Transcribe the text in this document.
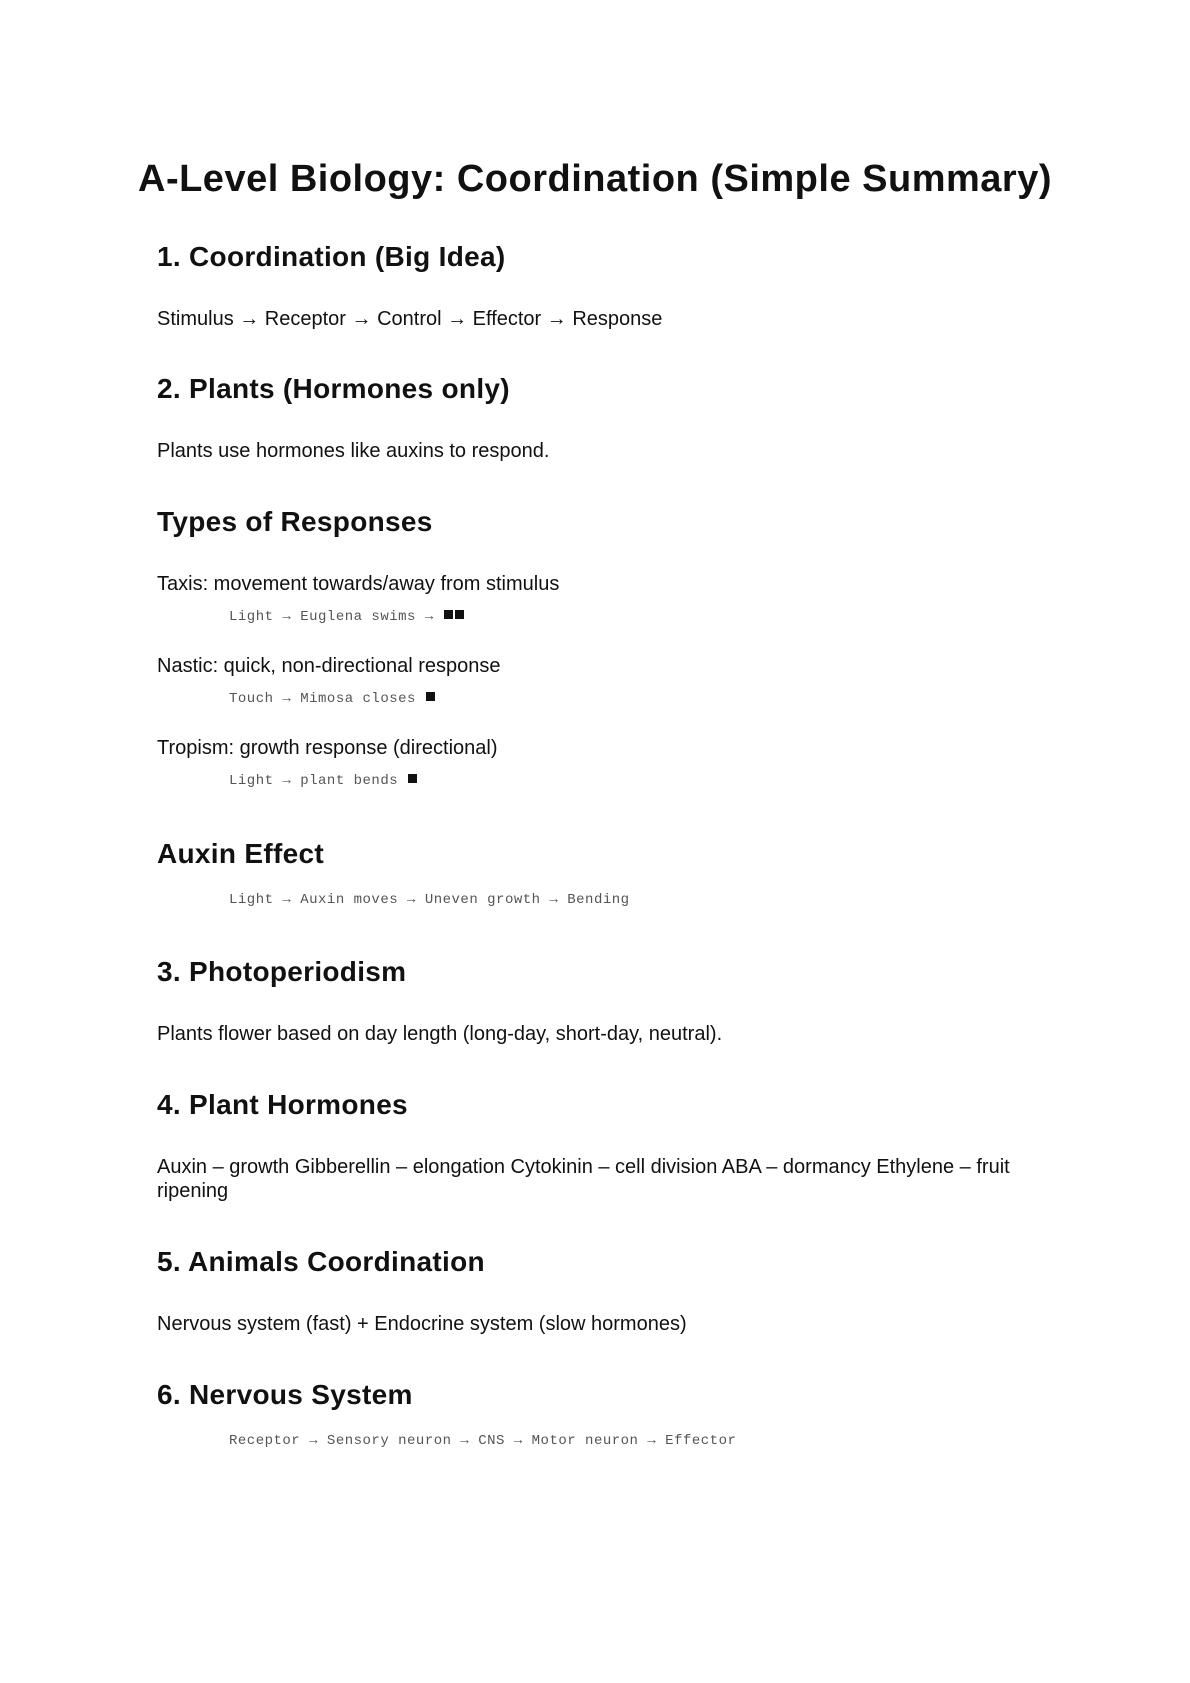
A-Level Biology: Coordination (Simple Summary)
1. Coordination (Big Idea)

Stimulus → Receptor → Control → Effector → Response

2. Plants (Hormones only)

Plants use hormones like auxins to respond.

Types of Responses

Taxis: movement towards/away from stimulus

Light → Euglena swims →

Nastic: quick, non-directional response

Touch → Mimosa closes

Tropism: growth response (directional)

Light → plant bends
Auxin Effect
Light → Auxin moves → Uneven growth → Bending
3. Photoperiodism

Plants flower based on day length (long-day, short-day, neutral).

4. Plant Hormones

Auxin – growth Gibberellin – elongation Cytokinin – cell division ABA – dormancy Ethylene – fruit ripening

5. Animals Coordination

Nervous system (fast) + Endocrine system (slow hormones)

6. Nervous System
Receptor → Sensory neuron → CNS → Motor neuron → Effector
